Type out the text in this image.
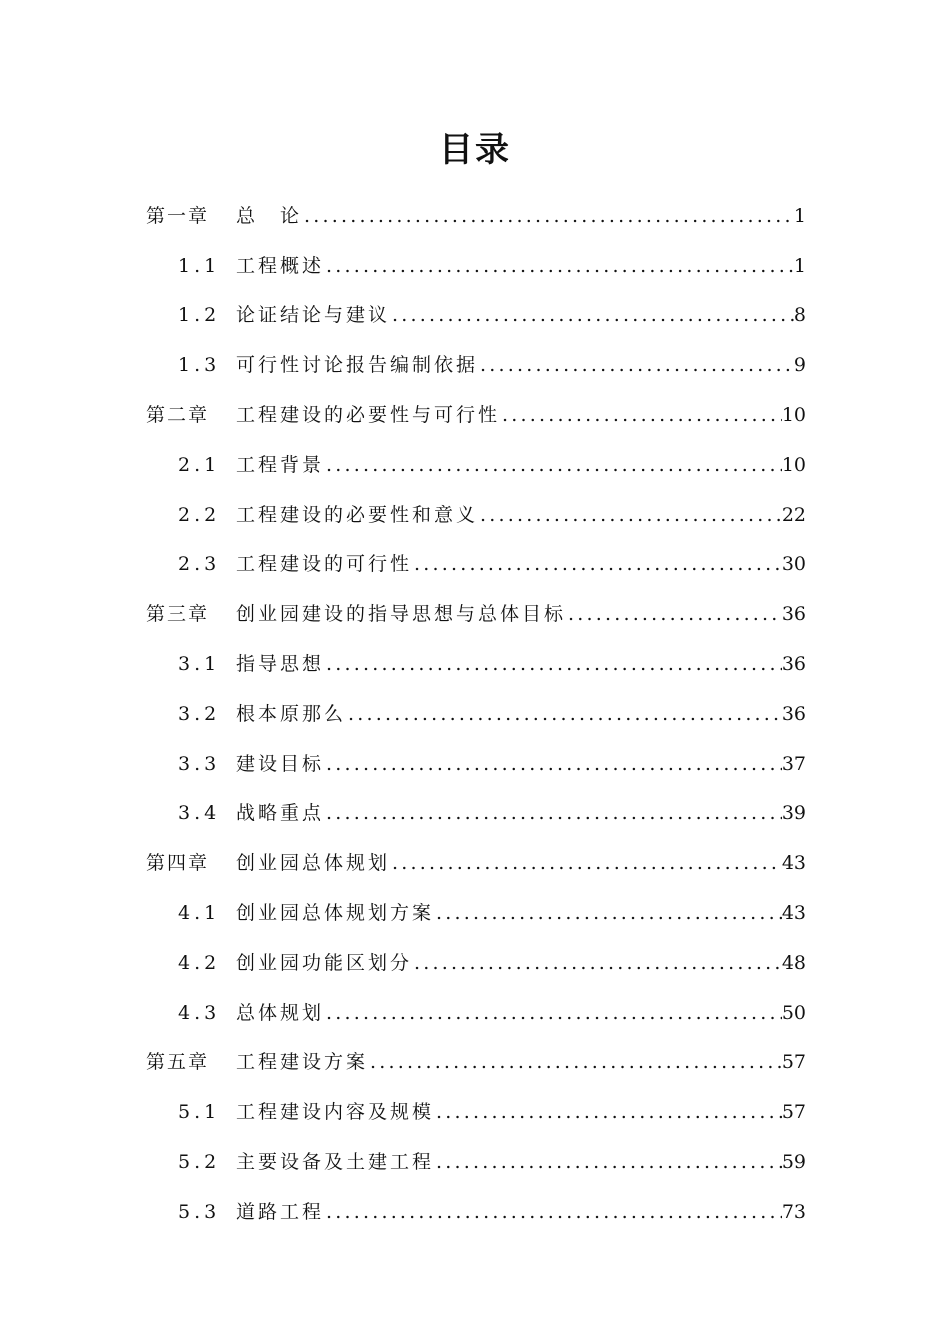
目录
第一章	总　论 .....	1
1.1 工程概述 .....	1
1.2 论证结论与建议 .....	8
1.3 可行性讨论报告编制依据 .....	9
第二章	工程建设的必要性与可行性 .....	10
2.1 工程背景 .....	10
2.2 工程建设的必要性和意义 .....	22
2.3 工程建设的可行性 .....	30
第三章	创业园建设的指导思想与总体目标 .....	36
3.1 指导思想 .....	36
3.2 根本原那么 .....	36
3.3 建设目标 .....	37
3.4 战略重点 .....	39
第四章	创业园总体规划 .....	43
4.1 创业园总体规划方案 .....	43
4.2 创业园功能区划分 .....	48
4.3 总体规划 .....	50
第五章	工程建设方案 .....	57
5.1 工程建设内容及规模 .....	57
5.2 主要设备及土建工程 .....	59
5.3 道路工程 .....	73
